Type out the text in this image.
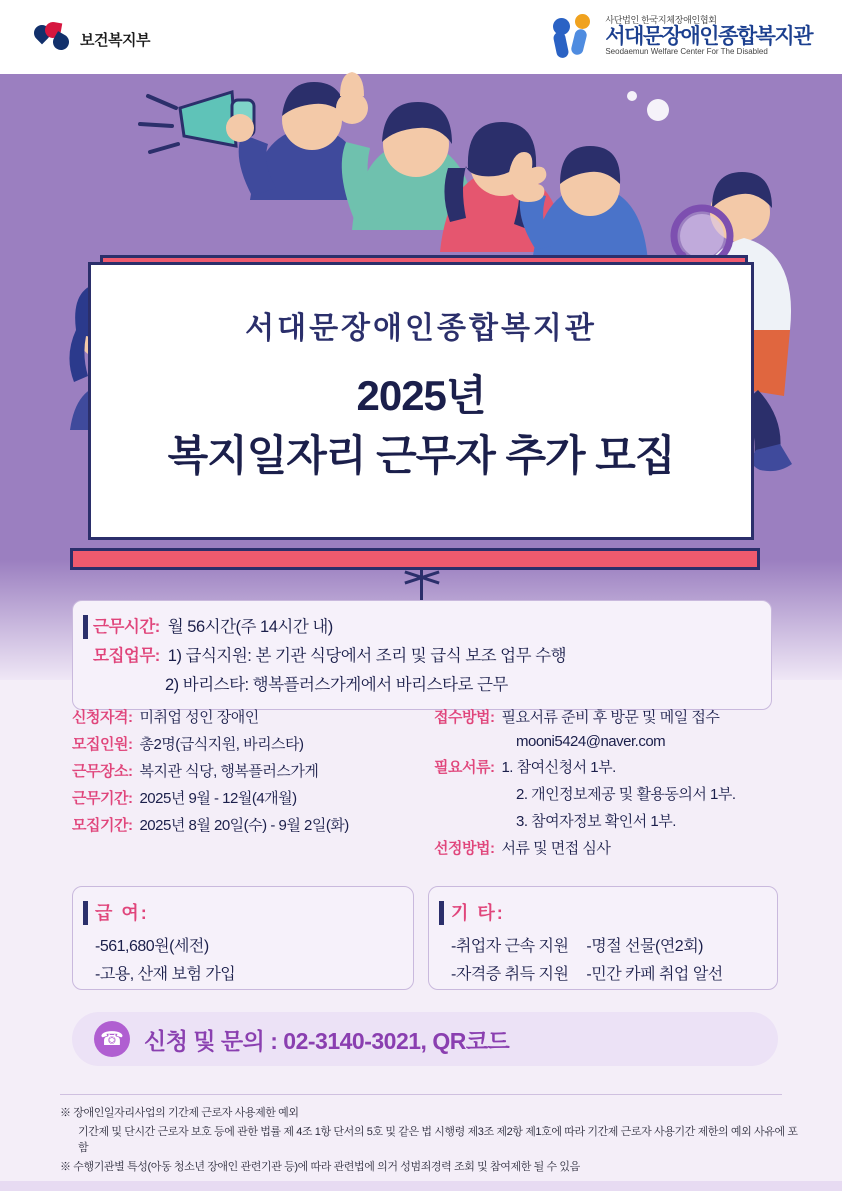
보건복지부
사단법인 한국지체장애인협회
서대문장애인종합복지관
Seodaemun Welfare Center For The Disabled
서대문장애인종합복지관
2025년
복지일자리 근무자 추가 모집
근무시간: 월 56시간(주 14시간 내)
모집업무: 1) 급식지원: 본 기관 식당에서 조리 및 급식 보조 업무 수행
2) 바리스타: 행복플러스가게에서 바리스타로 근무
신청자격: 미취업 성인 장애인
모집인원: 총2명(급식지원, 바리스타)
근무장소: 복지관 식당, 행복플러스가게
근무기간: 2025년 9월 - 12월(4개월)
모집기간: 2025년 8월 20일(수) - 9월 2일(화)
접수방법: 필요서류 준비 후 방문 및 메일 접수
mooni5424@naver.com
필요서류: 1. 참여신청서 1부.
2. 개인정보제공 및 활용동의서 1부.
3. 참여자정보 확인서 1부.
선정방법: 서류 및 면접 심사
급 여:
-561,680원(세전)
-고용, 산재 보험 가입
기 타:
-취업자 근속 지원 -명절 선물(연2회)
-자격증 취득 지원 -민간 카페 취업 알선
☎ 신청 및 문의 : 02-3140-3021, QR코드
※ 장애인일자리사업의 기간제 근로자 사용제한 예외
기간제 및 단시간 근로자 보호 등에 관한 법률 제 4조 1항 단서의 5호 및 같은 법 시행령 제3조 제2항 제1호에 따라 기간제 근로자 사용기간 제한의 예외 사유에 포함
※ 수행기관별 특성(아동 청소년 장애인 관련기관 등)에 따라 관련법에 의거 성범죄경력 조회 및 참여제한 될 수 있음
